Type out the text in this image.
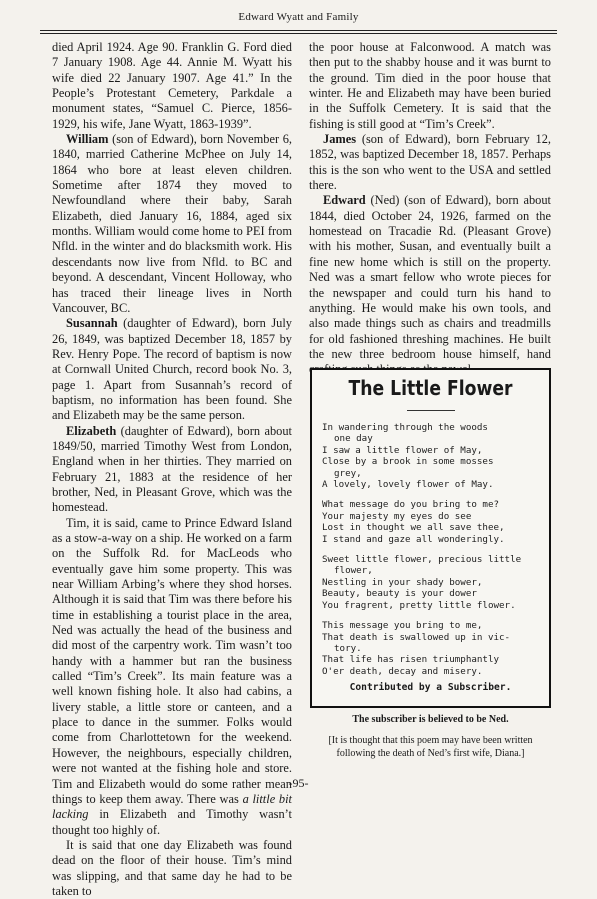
Edward Wyatt and Family

died April 1924. Age 90. Franklin G. Ford died 7 January 1908. Age 44. Annie M. Wyatt his wife died 22 January 1907. Age 41.” In the People’s Protestant Cemetery, Parkdale a monument states, “Samuel C. Pierce, 1856-1929, his wife, Jane Wyatt, 1863-1939”.

William (son of Edward), born November 6, 1840, married Catherine McPhee on July 14, 1864 who bore at least eleven children. Sometime after 1874 they moved to Newfoundland where their baby, Sarah Elizabeth, died January 16, 1884, aged six months. William would come home to PEI from Nfld. in the winter and do blacksmith work. His descendants now live from Nfld. to BC and beyond. A descendant, Vincent Holloway, who has traced their lineage lives in North Vancouver, BC.

Susannah (daughter of Edward), born July 26, 1849, was baptized December 18, 1857 by Rev. Henry Pope. The record of baptism is now at Cornwall United Church, record book No. 3, page 1. Apart from Susannah’s record of baptism, no information has been found. She and Elizabeth may be the same person.

Elizabeth (daughter of Edward), born about 1849/50, married Timothy West from London, England when in her thirties. They married on February 21, 1883 at the residence of her brother, Ned, in Pleasant Grove, which was the homestead.

Tim, it is said, came to Prince Edward Island as a stow-a-way on a ship. He worked on a farm on the Suffolk Rd. for MacLeods who eventually gave him some property. This was near William Arbing’s where they shod horses. Although it is said that Tim was there before his time in establishing a tourist place in the area, Ned was actually the head of the business and did most of the carpentry work. Tim wasn’t too handy with a hammer but ran the business called “Tim’s Creek”. Its main feature was a well known fishing hole. It also had cabins, a livery stable, a little store or canteen, and a place to dance in the summer. Folks would come from Charlottetown for the weekend. However, the neighbours, especially children, were not wanted at the fishing hole and store. Tim and Elizabeth would do some rather mean things to keep them away. There was a little bit lacking in Elizabeth and Timothy wasn’t thought too highly of.

It is said that one day Elizabeth was found dead on the floor of their house. Tim’s mind was slipping, and that same day he had to be taken to

the poor house at Falconwood. A match was then put to the shabby house and it was burnt to the ground. Tim died in the poor house that winter. He and Elizabeth may have been buried in the Suffolk Cemetery. It is said that the fishing is still good at “Tim’s Creek”.

James (son of Edward), born February 12, 1852, was baptized December 18, 1857. Perhaps this is the son who went to the USA and settled there.

Edward (Ned) (son of Edward), born about 1844, died October 24, 1926, farmed on the homestead on Tracadie Rd. (Pleasant Grove) with his mother, Susan, and eventually built a fine new home which is still on the property. Ned was a smart fellow who wrote pieces for the newspaper and could turn his hand to anything. He would make his own tools, and also made things such as chairs and treadmills for old fashioned threshing machines. He built the new three bedroom house himself, hand

The Little Flower
In wandering through the woods
one day
I saw a little flower of May,
Close by a brook in some mosses
grey,
A lovely, lovely flower of May.
What message do you bring to me?
Your majesty my eyes do see
Lost in thought we all save thee,
I stand and gaze all wonderingly.
Sweet little flower, precious little
flower,
Nestling in your shady bower,
Beauty, beauty is your dower
You fragrent, pretty little flower.
This message you bring to me,
That death is swallowed up in vic-
tory.
That life has risen triumphantly
O'er death, decay and misery.
Contributed by a Subscriber.
The subscriber is believed to be Ned.
[It is thought that this poem may have been written following the death of Ned’s first wife, Diana.]
-95-
